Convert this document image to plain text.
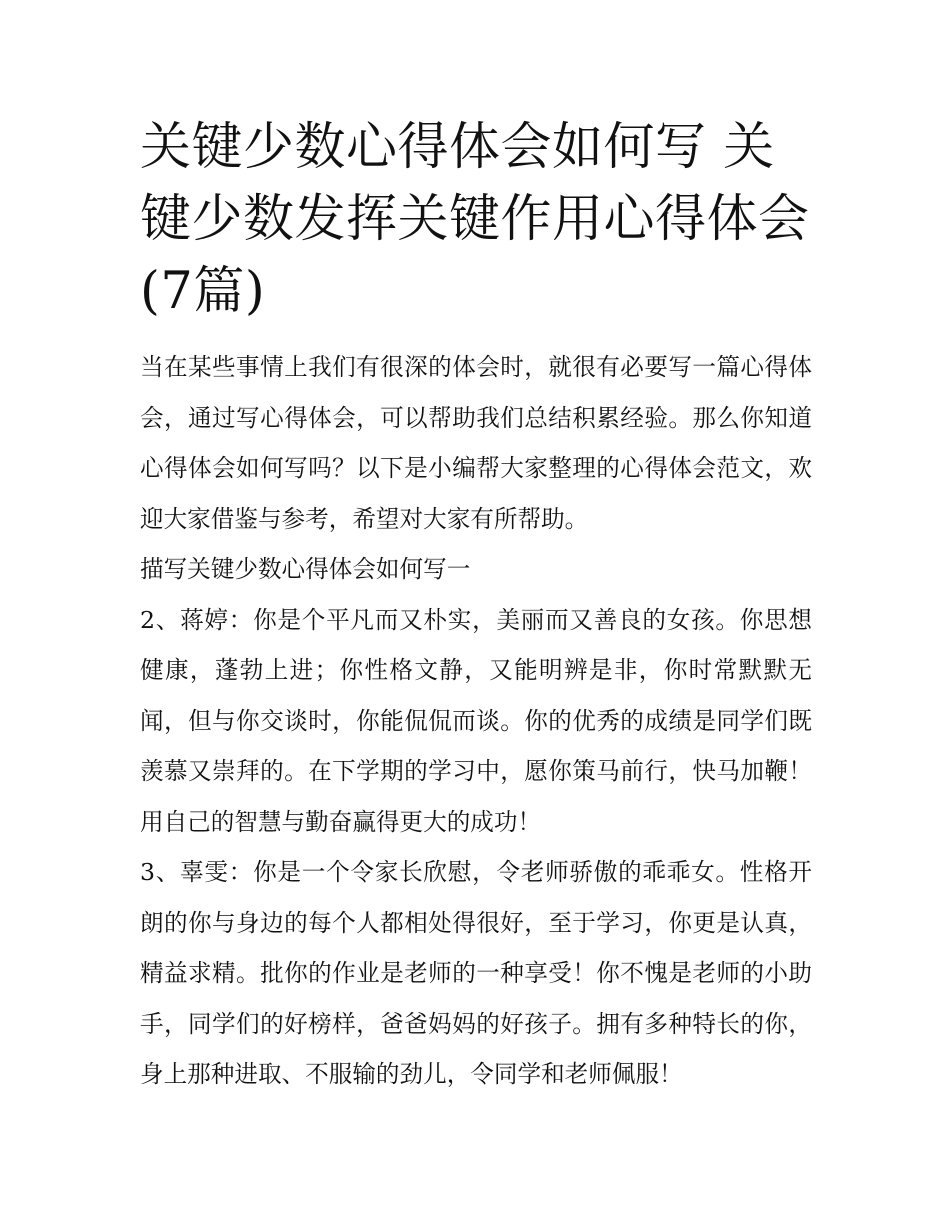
关键少数心得体会如何写 关键少数发挥关键作用心得体会(7篇)

当在某些事情上我们有很深的体会时，就很有必要写一篇心得体会，通过写心得体会，可以帮助我们总结积累经验。那么你知道心得体会如何写吗？以下是小编帮大家整理的心得体会范文，欢迎大家借鉴与参考，希望对大家有所帮助。

描写关键少数心得体会如何写一

2、蒋婷：你是个平凡而又朴实，美丽而又善良的女孩。你思想健康，蓬勃上进；你性格文静，又能明辨是非，你时常默默无闻，但与你交谈时，你能侃侃而谈。你的优秀的成绩是同学们既羡慕又崇拜的。在下学期的学习中，愿你策马前行，快马加鞭！用自己的智慧与勤奋赢得更大的成功！

3、辜雯：你是一个令家长欣慰，令老师骄傲的乖乖女。性格开朗的你与身边的每个人都相处得很好，至于学习，你更是认真，精益求精。批你的作业是老师的一种享受！你不愧是老师的小助手，同学们的好榜样，爸爸妈妈的好孩子。拥有多种特长的你，身上那种进取、不服输的劲儿，令同学和老师佩服！
